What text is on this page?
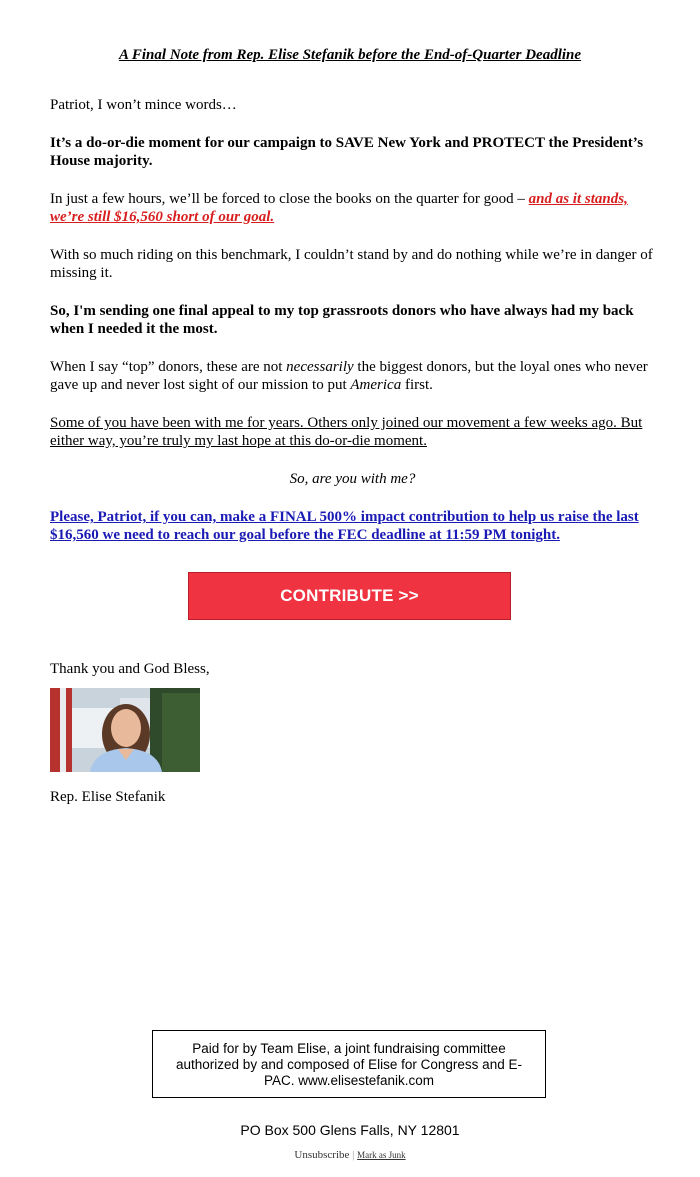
A Final Note from Rep. Elise Stefanik before the End-of-Quarter Deadline

Patriot, I won’t mince words…

It’s a do-or-die moment for our campaign to SAVE New York and PROTECT the President’s House majority.

In just a few hours, we’ll be forced to close the books on the quarter for good – and as it stands, we’re still $16,560 short of our goal.

With so much riding on this benchmark, I couldn’t stand by and do nothing while we’re in danger of missing it.

So, I'm sending one final appeal to my top grassroots donors who have always had my back when I needed it the most.

When I say “top” donors, these are not necessarily the biggest donors, but the loyal ones who never gave up and never lost sight of our mission to put America first.

Some of you have been with me for years. Others only joined our movement a few weeks ago. But either way, you’re truly my last hope at this do-or-die moment.

So, are you with me?

Please, Patriot, if you can, make a FINAL 500% impact contribution to help us raise the last $16,560 we need to reach our goal before the FEC deadline at 11:59 PM tonight.

CONTRIBUTE >>

Thank you and God Bless,

Rep. Elise Stefanik

Paid for by Team Elise, a joint fundraising committee authorized by and composed of Elise for Congress and E-PAC. www.elisestefanik.com
PO Box 500 Glens Falls, NY 12801
Unsubscribe | Mark as Junk
